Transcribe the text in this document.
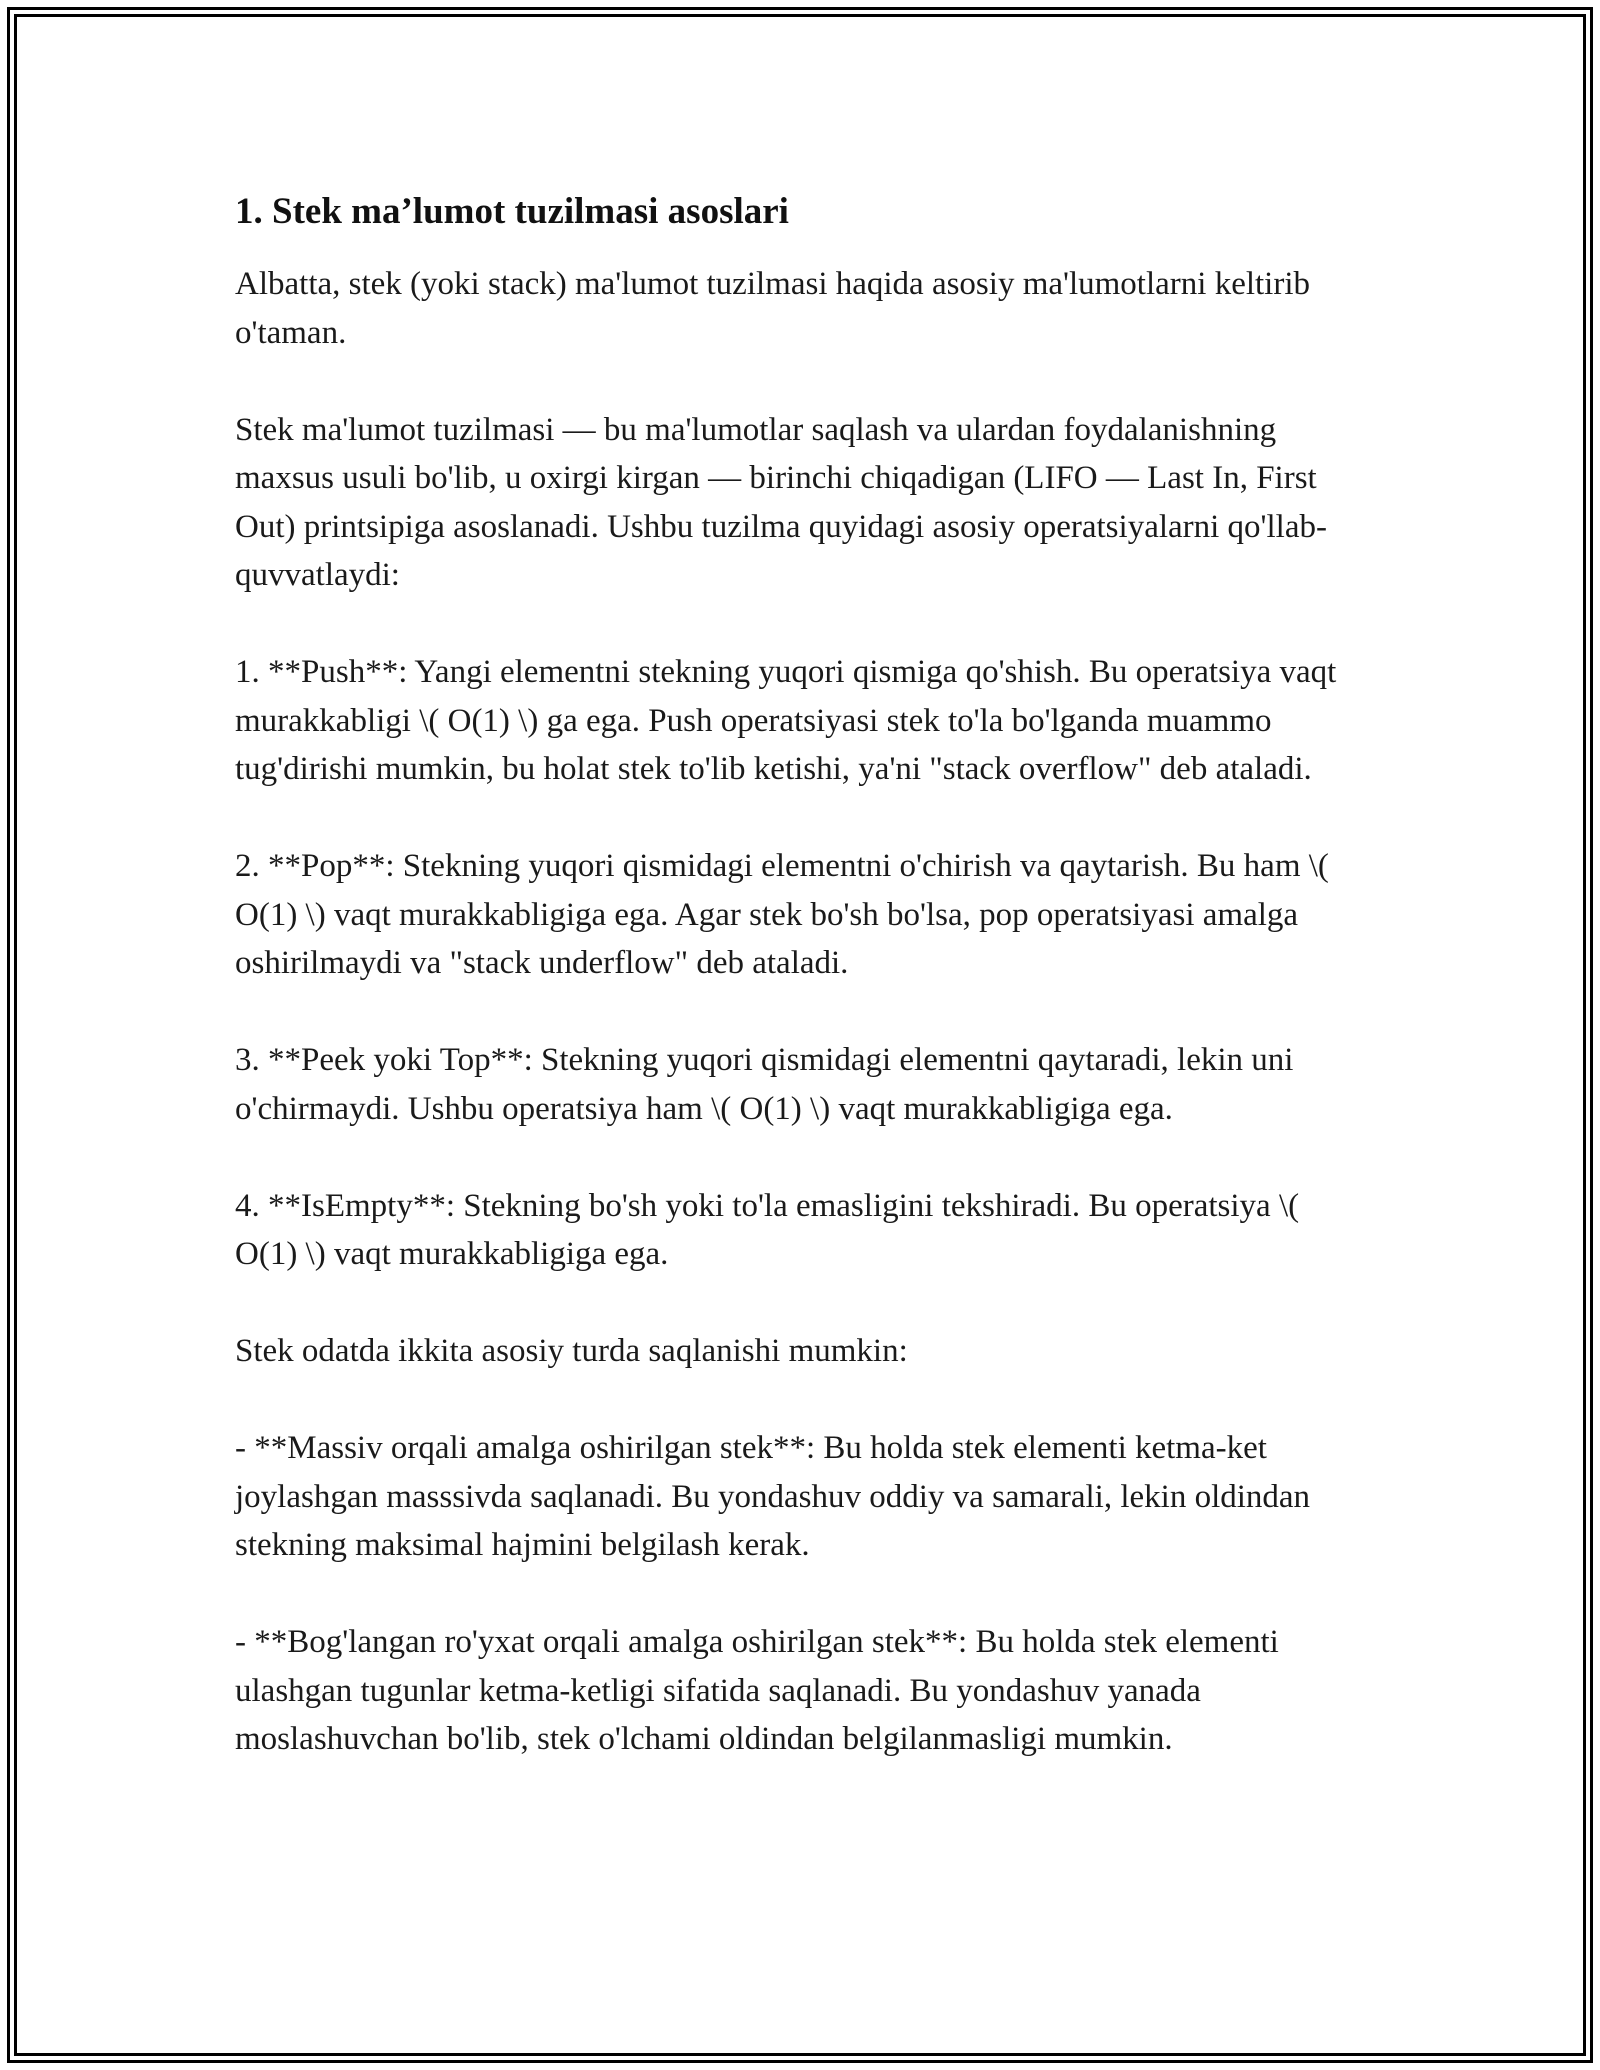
1. Stek ma’lumot tuzilmasi asoslari

Albatta, stek (yoki stack) ma'lumot tuzilmasi haqida asosiy ma'lumotlarni keltirib o'taman.

Stek ma'lumot tuzilmasi — bu ma'lumotlar saqlash va ulardan foydalanishning maxsus usuli bo'lib, u oxirgi kirgan — birinchi chiqadigan (LIFO — Last In, First Out) printsipiga asoslanadi. Ushbu tuzilma quyidagi asosiy operatsiyalarni qo'llab-quvvatlaydi:

1. **Push**: Yangi elementni stekning yuqori qismiga qo'shish. Bu operatsiya vaqt murakkabligi \( O(1) \) ga ega. Push operatsiyasi stek to'la bo'lganda muammo tug'dirishi mumkin, bu holat stek to'lib ketishi, ya'ni "stack overflow" deb ataladi.

2. **Pop**: Stekning yuqori qismidagi elementni o'chirish va qaytarish. Bu ham \( O(1) \) vaqt murakkabligiga ega. Agar stek bo'sh bo'lsa, pop operatsiyasi amalga oshirilmaydi va "stack underflow" deb ataladi.

3. **Peek yoki Top**: Stekning yuqori qismidagi elementni qaytaradi, lekin uni o'chirmaydi. Ushbu operatsiya ham \( O(1) \) vaqt murakkabligiga ega.

4. **IsEmpty**: Stekning bo'sh yoki to'la emasligini tekshiradi. Bu operatsiya \( O(1) \) vaqt murakkabligiga ega.

Stek odatda ikkita asosiy turda saqlanishi mumkin:

- **Massiv orqali amalga oshirilgan stek**: Bu holda stek elementi ketma-ket joylashgan masssivda saqlanadi. Bu yondashuv oddiy va samarali, lekin oldindan stekning maksimal hajmini belgilash kerak.

- **Bog'langan ro'yxat orqali amalga oshirilgan stek**: Bu holda stek elementi ulashgan tugunlar ketma-ketligi sifatida saqlanadi. Bu yondashuv yanada moslashuvchan bo'lib, stek o'lchami oldindan belgilanmasligi mumkin.
